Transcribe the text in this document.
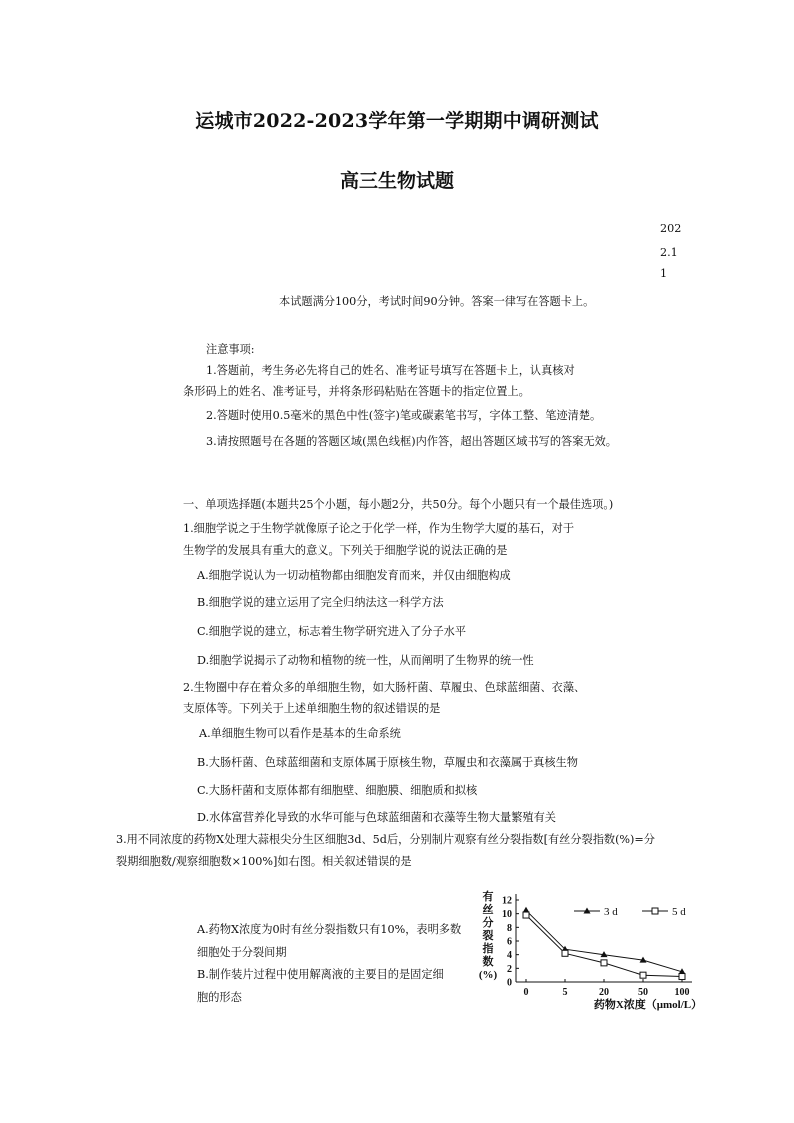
运城市2022-2023学年第一学期期中调研测试
高三生物试题
202
2.1
1
本试题满分100分，考试时间90分钟。答案一律写在答题卡上。
注意事项:
1.答题前，考生务必先将自己的姓名、准考证号填写在答题卡上，认真核对
条形码上的姓名、准考证号，并将条形码粘贴在答题卡的指定位置上。
2.答题时使用0.5毫米的黑色中性(签字)笔或碳素笔书写，字体工整、笔迹清楚。
3.请按照题号在各题的答题区域(黑色线框)内作答，超出答题区域书写的答案无效。
一、单项选择题(本题共25个小题，每小题2分，共50分。每个小题只有一个最佳选项。)
1.细胞学说之于生物学就像原子论之于化学一样，作为生物学大厦的基石，对于
生物学的发展具有重大的意义。下列关于细胞学说的说法正确的是
A.细胞学说认为一切动植物都由细胞发育而来，并仅由细胞构成
B.细胞学说的建立运用了完全归纳法这一科学方法
C.细胞学说的建立，标志着生物学研究进入了分子水平
D.细胞学说揭示了动物和植物的统一性，从而阐明了生物界的统一性
2.生物圈中存在着众多的单细胞生物，如大肠杆菌、草履虫、色球蓝细菌、衣藻、
支原体等。下列关于上述单细胞生物的叙述错误的是
A.单细胞生物可以看作是基本的生命系统
B.大肠杆菌、色球蓝细菌和支原体属于原核生物，草履虫和衣藻属于真核生物
C.大肠杆菌和支原体都有细胞壁、细胞膜、细胞质和拟核
D.水体富营养化导致的水华可能与色球蓝细菌和衣藻等生物大量繁殖有关
3.用不同浓度的药物X处理大蒜根尖分生区细胞3d、5d后，分别制片观察有丝分裂指数[有丝分裂指数(%)=分
裂期细胞数/观察细胞数×100%]如右图。相关叙述错误的是
A.药物X浓度为0时有丝分裂指数只有10%，表明多数
细胞处于分裂间期
B.制作装片过程中使用解离液的主要目的是固定细
胞的形态
有
丝
分
裂
指
数
(%)
0
2
4
6
8
10
12
0	5	20	50	100
3 d	5 d
药物X浓度（μmol/L）
